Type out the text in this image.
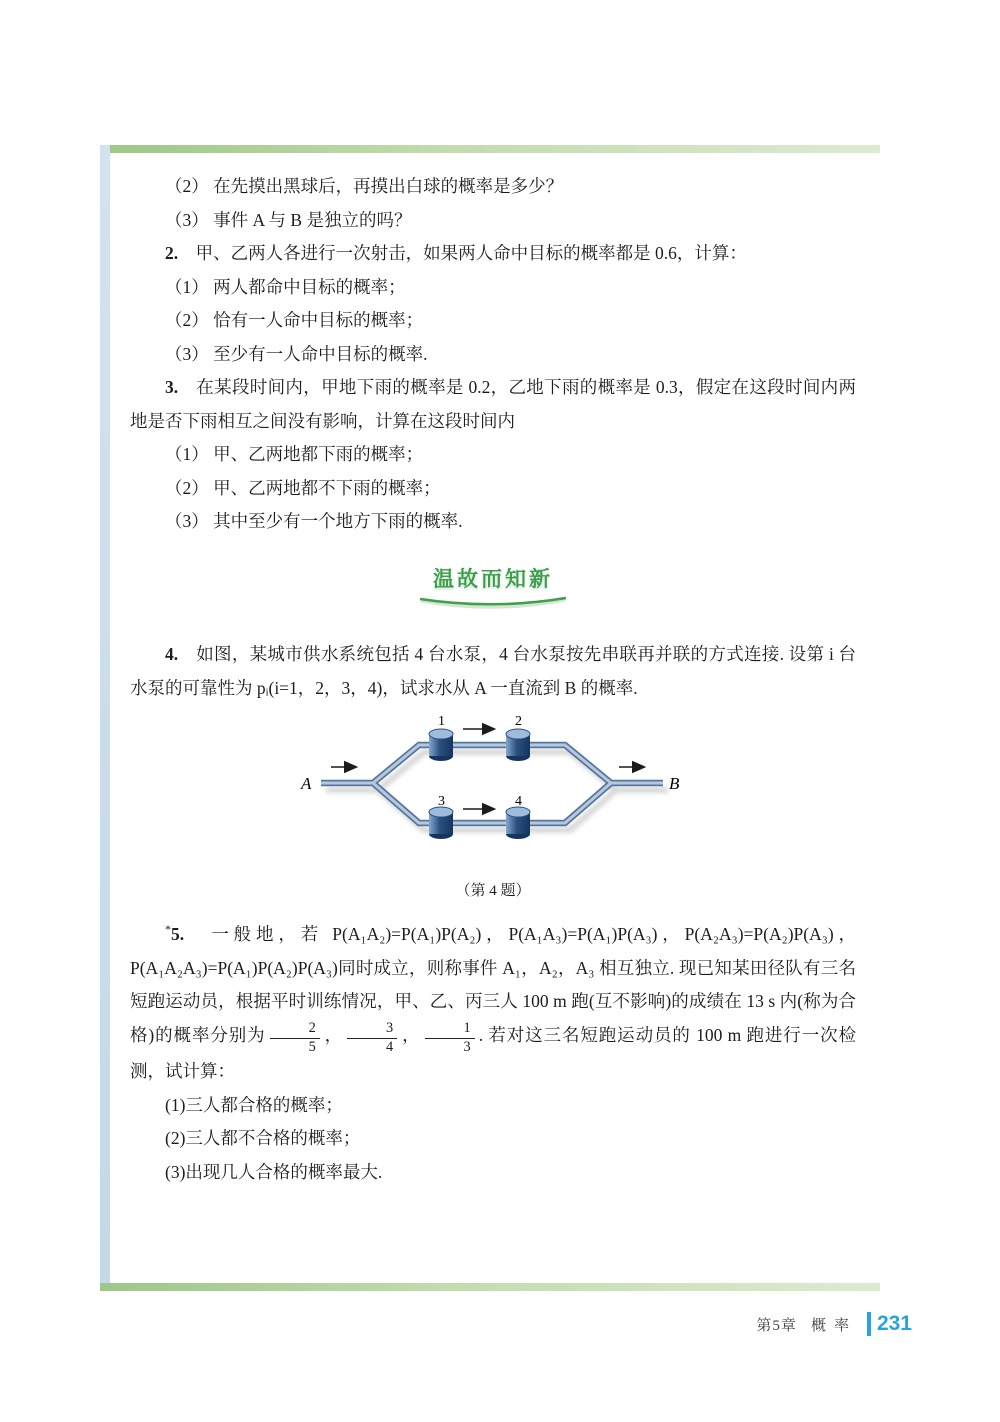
（2） 在先摸出黑球后，再摸出白球的概率是多少？

（3） 事件 A 与 B 是独立的吗？

2.　甲、乙两人各进行一次射击，如果两人命中目标的概率都是 0.6，计算：

（1） 两人都命中目标的概率；

（2） 恰有一人命中目标的概率；

（3） 至少有一人命中目标的概率.

3.　在某段时间内，甲地下雨的概率是 0.2，乙地下雨的概率是 0.3，假定在这段时间内两地是否下雨相互之间没有影响，计算在这段时间内

（1） 甲、乙两地都下雨的概率；

（2） 甲、乙两地都不下雨的概率；

（3） 其中至少有一个地方下雨的概率.

温故而知新

4.　如图，某城市供水系统包括 4 台水泵，4 台水泵按先串联再并联的方式连接. 设第 i 台水泵的可靠性为 pᵢ(i=1，2，3，4)，试求水从 A 一直流到 B 的概率.

A	B
1	2
3	4
（第 4 题）

*5.　一般地，若 P(A₁A₂)=P(A₁)P(A₂)，P(A₁A₃)=P(A₁)P(A₃)，P(A₂A₃)=P(A₂)P(A₃)，P(A₁A₂A₃)=P(A₁)P(A₂)P(A₃)同时成立，则称事件 A₁，A₂，A₃ 相互独立. 现已知某田径队有三名短跑运动员，根据平时训练情况，甲、乙、丙三人 100 m 跑(互不影响)的成绩在 13 s 内(称为合格)的概率分别为 $\frac{2}{5}$ ， $\frac{3}{4}$ ， $\frac{1}{3}$ . 若对这三名短跑运动员的 100 m 跑进行一次检测，试计算：

(1)三人都合格的概率；

(2)三人都不合格的概率；

(3)出现几人合格的概率最大.

第5章 概率 231
